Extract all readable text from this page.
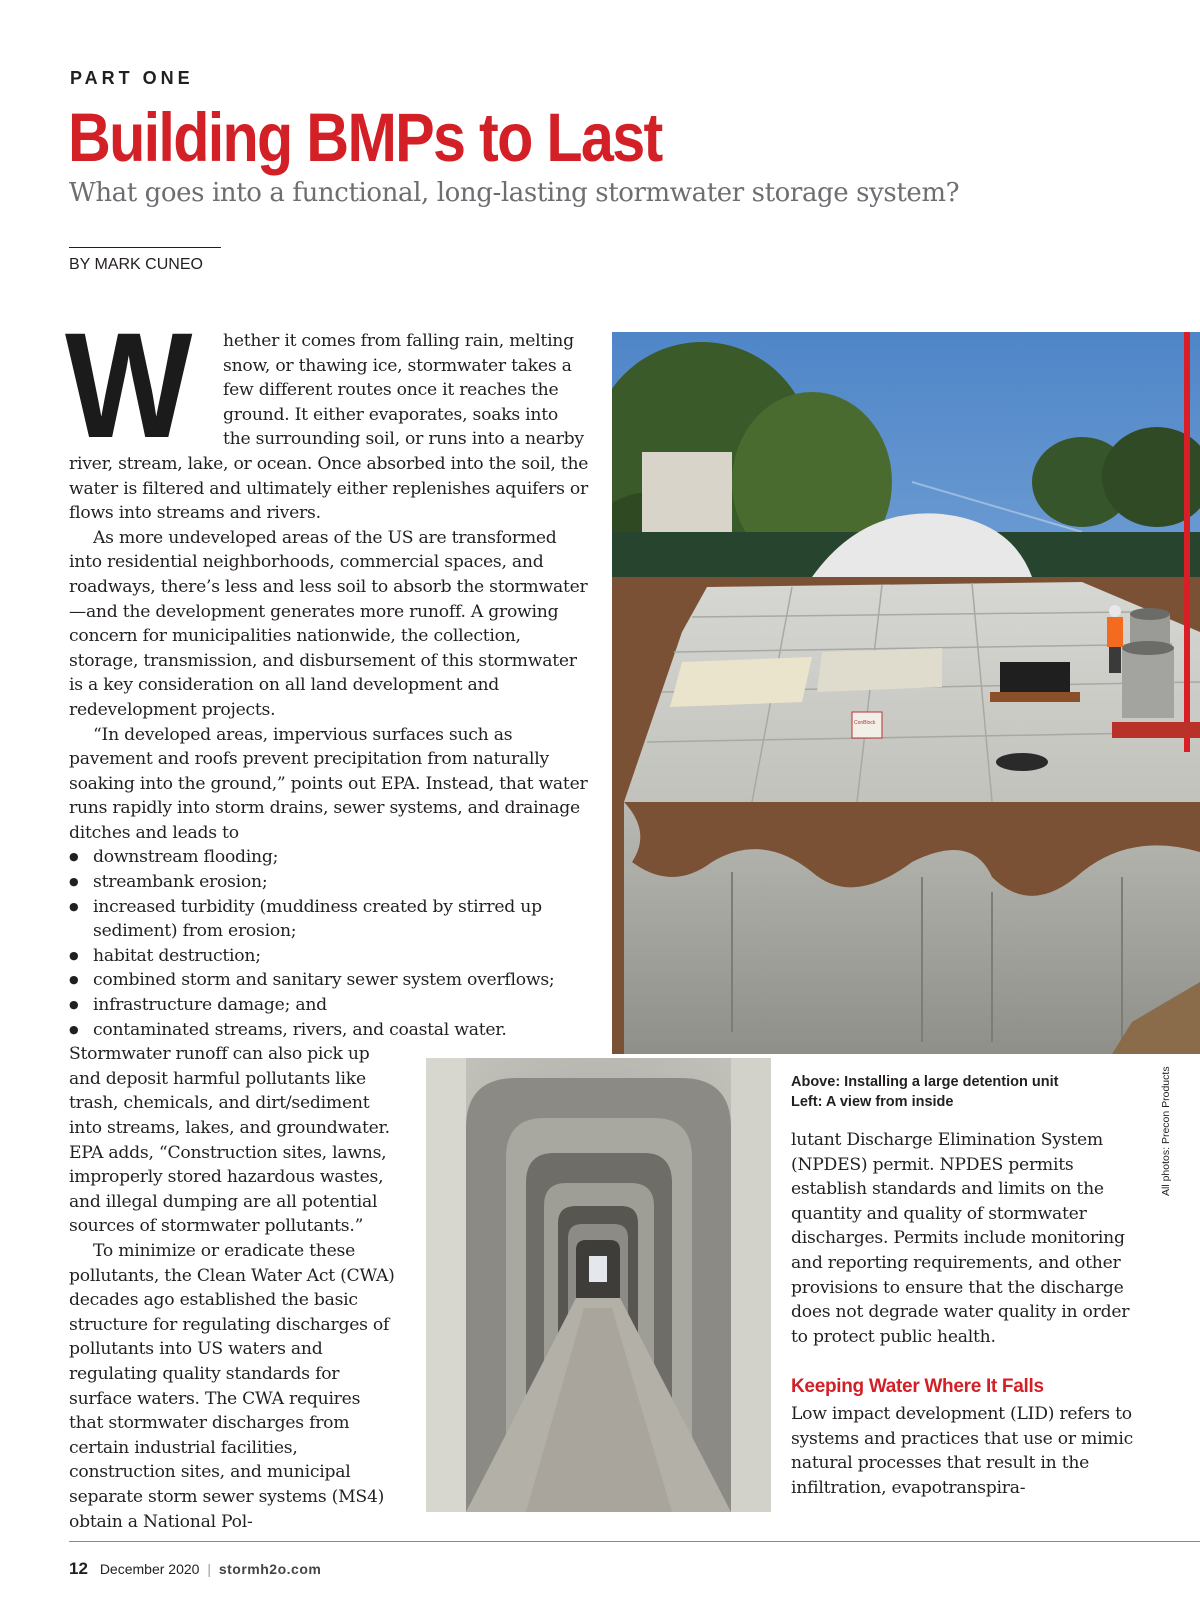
PART ONE
Building BMPs to Last
What goes into a functional, long-lasting stormwater storage system?
BY MARK CUNEO
ConBlock
Above: Installing a large detention unit
Left: A view from inside	All photos: Precon Products

W	hether it comes from falling rain, melting snow, or thawing ice, stormwater takes a few different routes once it reaches the ground. It either evaporates, soaks into the surrounding soil, or runs into a nearby river, stream, lake, or ocean. Once absorbed into the soil, the water is filtered and ultimately either replenishes aquifers or flows into streams and rivers.

As more undeveloped areas of the US are transformed into residential neighborhoods, commercial spaces, and roadways, there’s less and less soil to absorb the stormwater—and the development generates more runoff. A growing concern for municipalities nationwide, the collection, storage, transmission, and disbursement of this stormwater is a key consideration on all land development and redevelopment projects.

“In developed areas, impervious surfaces such as pavement and roofs prevent precipitation from naturally soaking into the ground,” points out EPA. Instead, that water runs rapidly into storm drains, sewer systems, and drainage ditches and leads to

● downstream flooding;
● streambank erosion;
● increased turbidity (muddiness created by stirred up sediment) from erosion;
● habitat destruction;
● combined storm and sanitary sewer system overflows;
● infrastructure damage; and
● contaminated streams, rivers, and coastal water.

Stormwater runoff can also pick up and deposit harmful pollutants like trash, chemicals, and dirt/sediment into streams, lakes, and groundwater. EPA adds, “Construction sites, lawns, improperly stored hazardous wastes, and illegal dumping are all potential sources of stormwater pollutants.”

To minimize or eradicate these pollutants, the Clean Water Act (CWA) decades ago established the basic structure for regulating discharges of pollutants into US waters and regulating quality standards for surface waters. The CWA requires that stormwater discharges from certain industrial facilities, construction sites, and municipal separate storm sewer systems (MS4) obtain a National Pol-

lutant Discharge Elimination System (NPDES) permit. NPDES permits establish standards and limits on the quantity and quality of stormwater discharges. Permits include monitoring and reporting requirements, and other provisions to ensure that the discharge does not degrade water quality in order to protect public health.

Keeping Water Where It Falls

Low impact development (LID) refers to systems and practices that use or mimic natural processes that result in the infiltration, evapotranspira-

12 December 2020 | stormh2o.com
